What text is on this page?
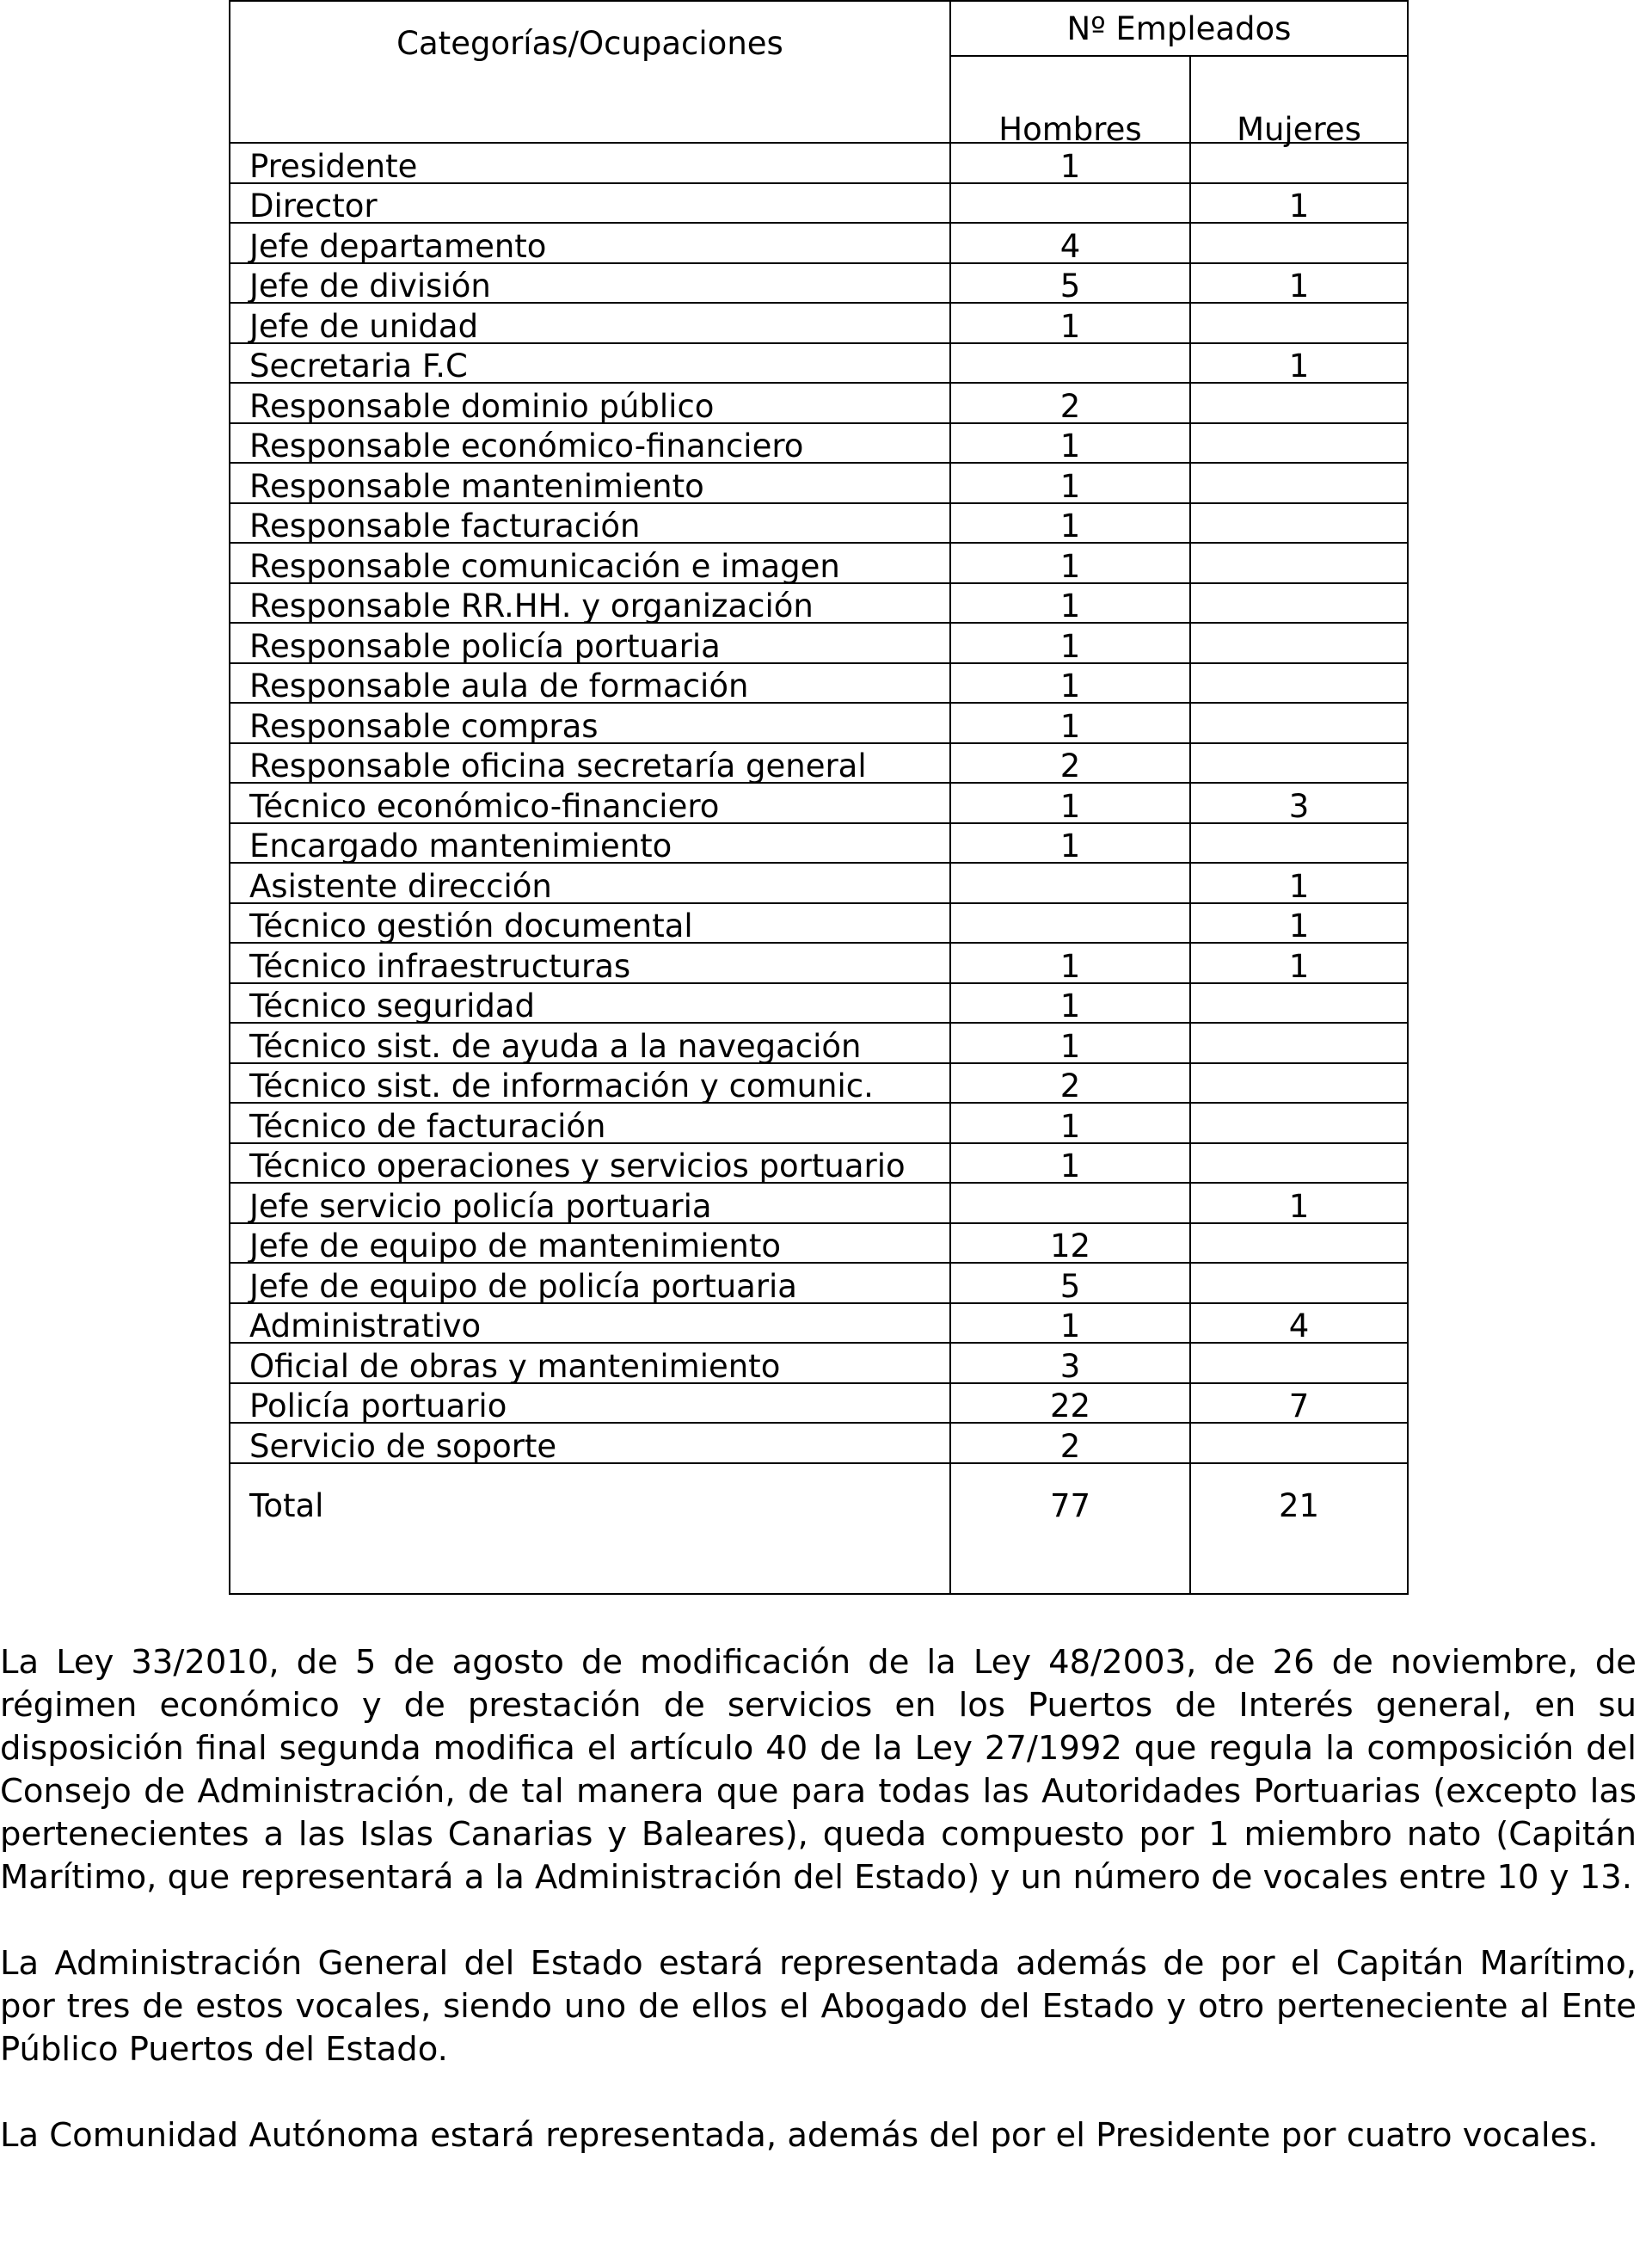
Categorías/Ocupaciones	Nº Empleados	

	Hombres	Mujeres

Presidente	1	
Director		1
Jefe departamento	4	
Jefe de división	5	1
Jefe de unidad	1	
Secretaria F.C		1
Responsable dominio público	2	
Responsable económico-financiero	1	
Responsable mantenimiento	1	
Responsable facturación	1	
Responsable comunicación e imagen	1	
Responsable RR.HH. y organización	1	
Responsable policía portuaria	1	
Responsable aula de formación	1	
Responsable compras	1	
Responsable oficina secretaría general	2	
Técnico económico-financiero	1	3
Encargado mantenimiento	1	
Asistente dirección		1
Técnico gestión documental		1
Técnico infraestructuras	1	1
Técnico seguridad	1	
Técnico sist. de ayuda a la navegación	1	
Técnico sist. de información y comunic.	2	
Técnico de facturación	1	
Técnico operaciones y servicios portuario	1	
Jefe servicio policía portuaria		1
Jefe de equipo de mantenimiento	12	
Jefe de equipo de policía portuaria	5	
Administrativo	1	4
Oficial de obras y mantenimiento	3	
Policía portuario	22	7
Servicio de soporte	2	

Total	77	21

La Ley 33/2010, de 5 de agosto de modificación de la Ley 48/2003, de 26 de noviembre, de régimen económico y de prestación de servicios en los Puertos de Interés general, en su disposición final segunda modifica el artículo 40 de la Ley 27/1992 que regula la composición del Consejo de Administración, de tal manera que para todas las Autoridades Portuarias (excepto las pertenecientes a las Islas Canarias y Baleares), queda compuesto por 1 miembro nato (Capitán Marítimo, que representará a la Administración del Estado) y un número de vocales entre 10 y 13.

La Administración General del Estado estará representada además de por el Capitán Marítimo, por tres de estos vocales, siendo uno de ellos el Abogado del Estado y otro perteneciente al Ente Público Puertos del Estado.

La Comunidad Autónoma estará representada, además del por el Presidente por cuatro vocales.
